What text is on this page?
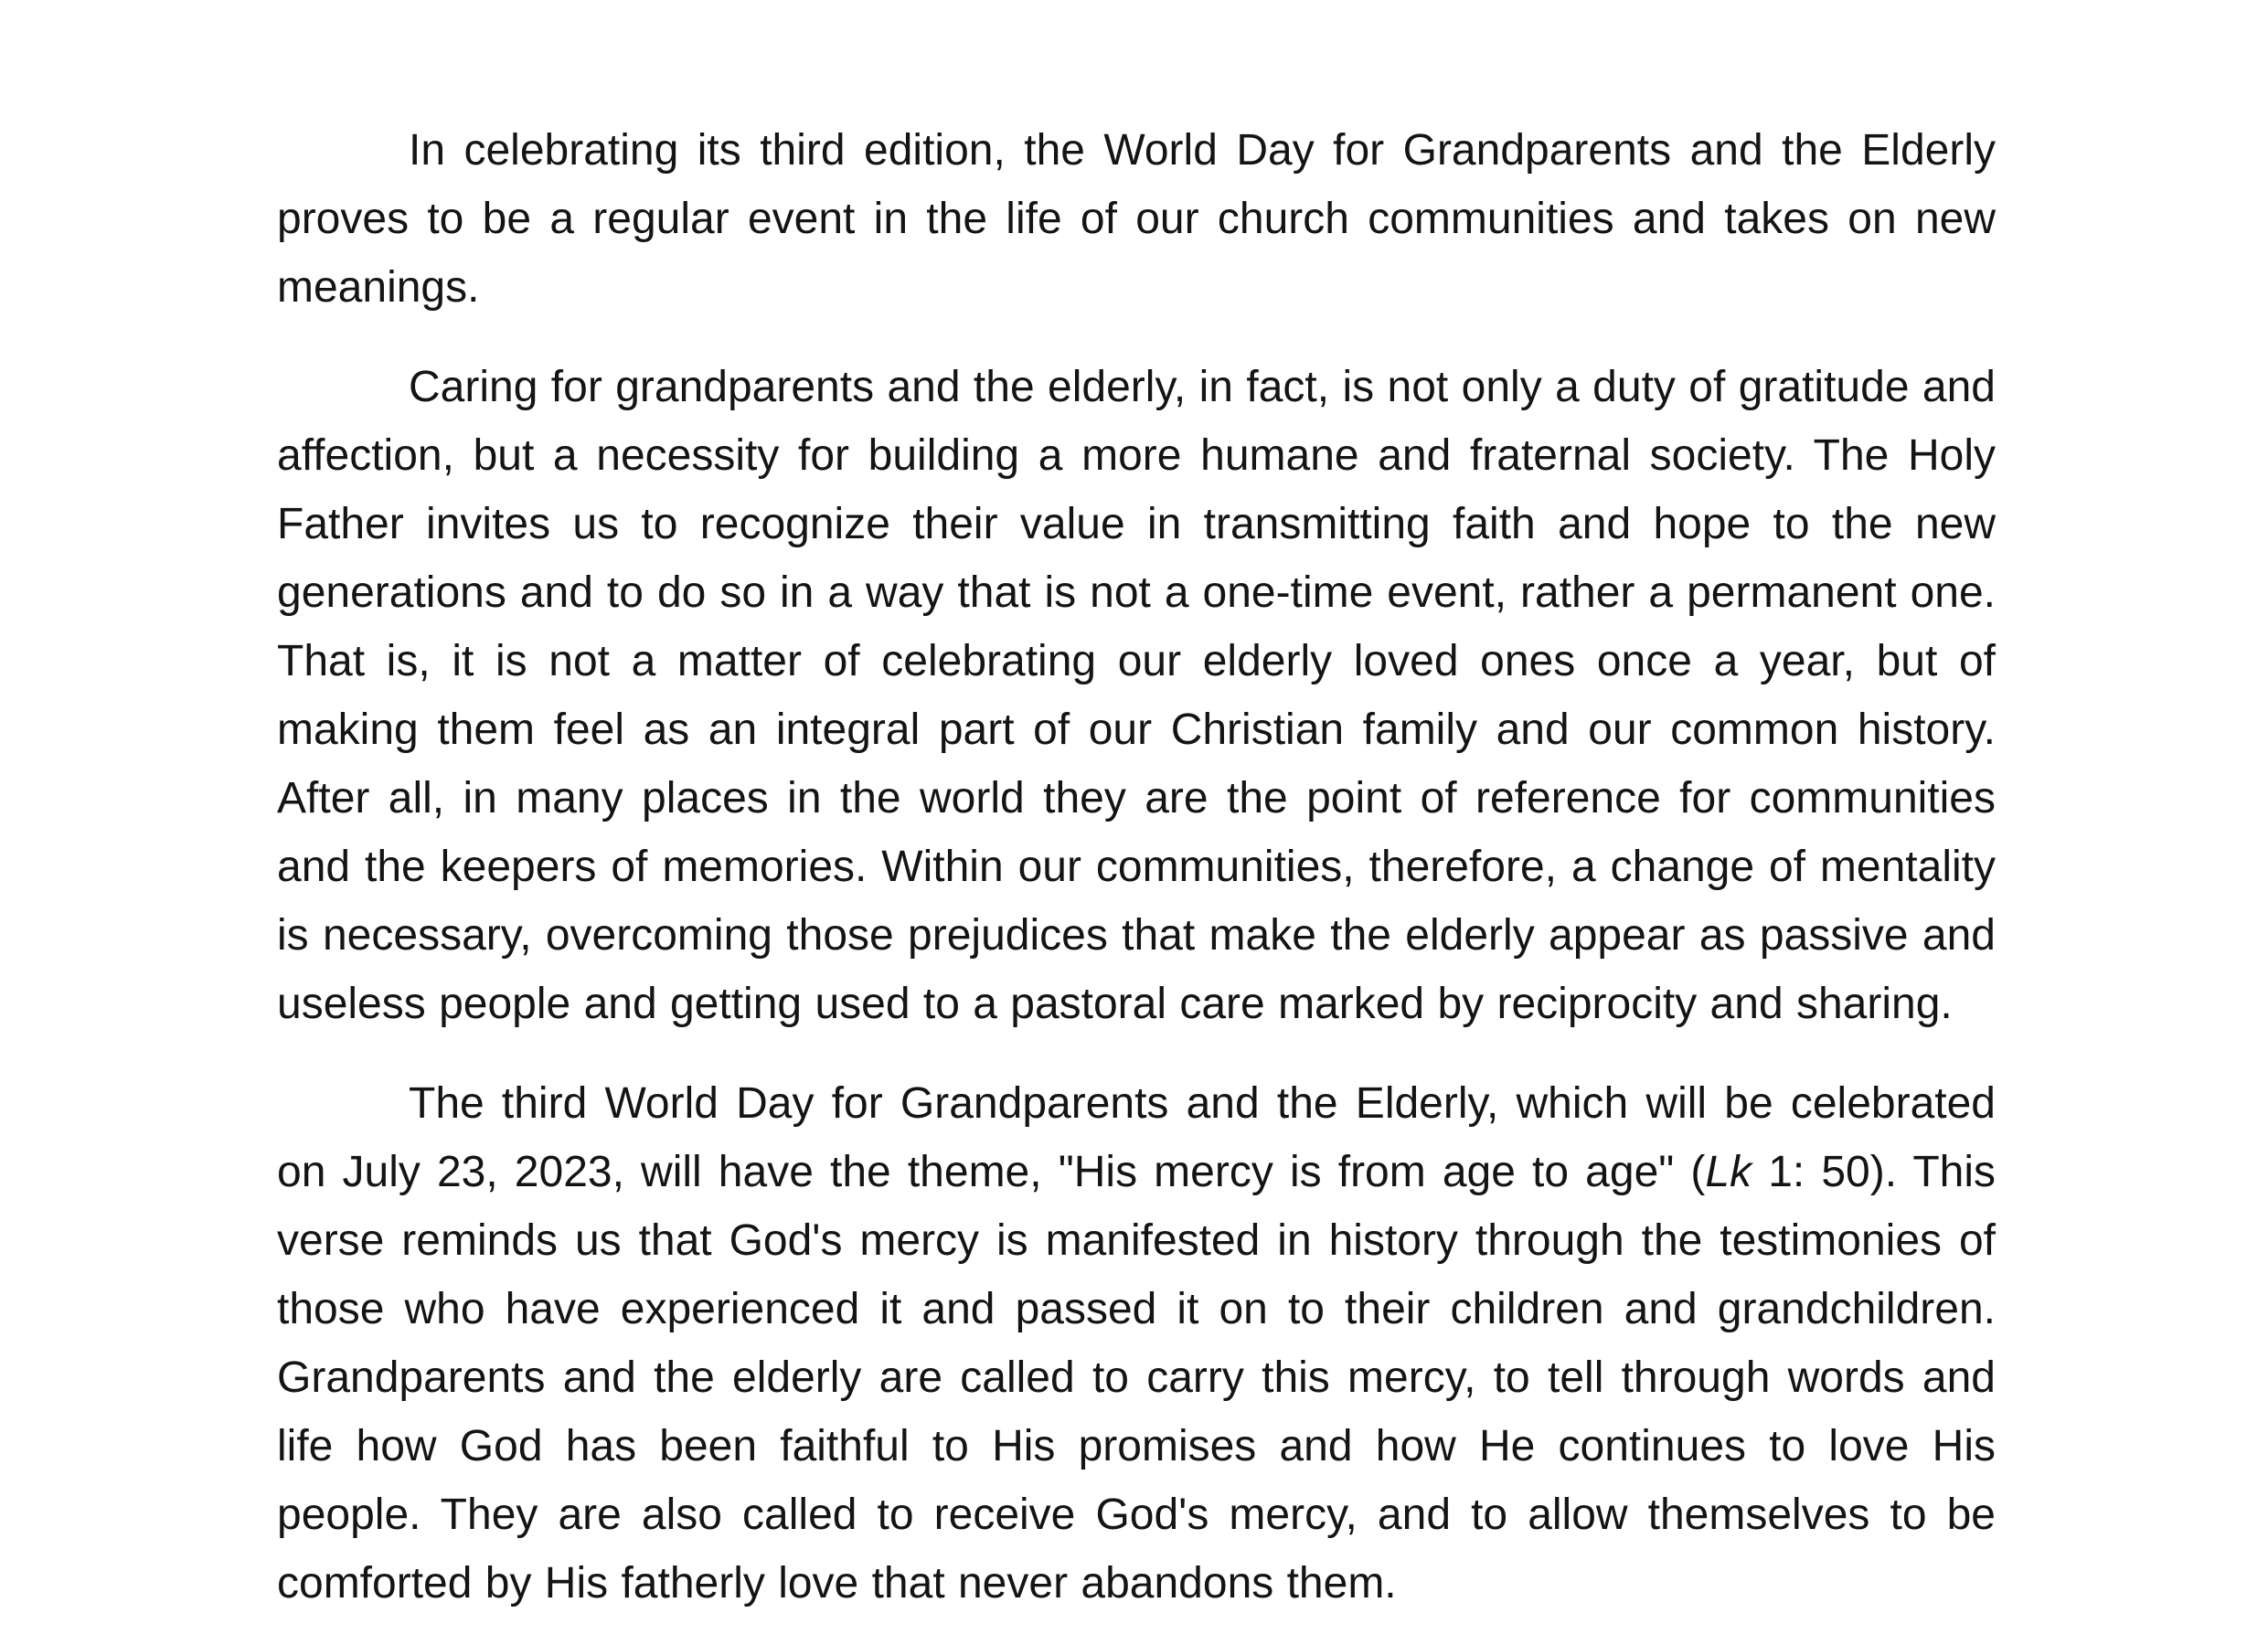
In celebrating its third edition, the World Day for Grandparents and the Elderly proves to be a regular event in the life of our church communities and takes on new meanings.

Caring for grandparents and the elderly, in fact, is not only a duty of gratitude and affection, but a necessity for building a more humane and fraternal society. The Holy Father invites us to recognize their value in transmitting faith and hope to the new generations and to do so in a way that is not a one-time event, rather a permanent one. That is, it is not a matter of celebrating our elderly loved ones once a year, but of making them feel as an integral part of our Christian family and our common history. After all, in many places in the world they are the point of reference for communities and the keepers of memories. Within our communities, therefore, a change of mentality is necessary, overcoming those prejudices that make the elderly appear as passive and useless people and getting used to a pastoral care marked by reciprocity and sharing.

The third World Day for Grandparents and the Elderly, which will be celebrated on July 23, 2023, will have the theme, "His mercy is from age to age" (Lk 1: 50). This verse reminds us that God's mercy is manifested in history through the testimonies of those who have experienced it and passed it on to their children and grandchildren. Grandparents and the elderly are called to carry this mercy, to tell through words and life how God has been faithful to His promises and how He continues to love His people. They are also called to receive God's mercy, and to allow themselves to be comforted by His fatherly love that never abandons them.
